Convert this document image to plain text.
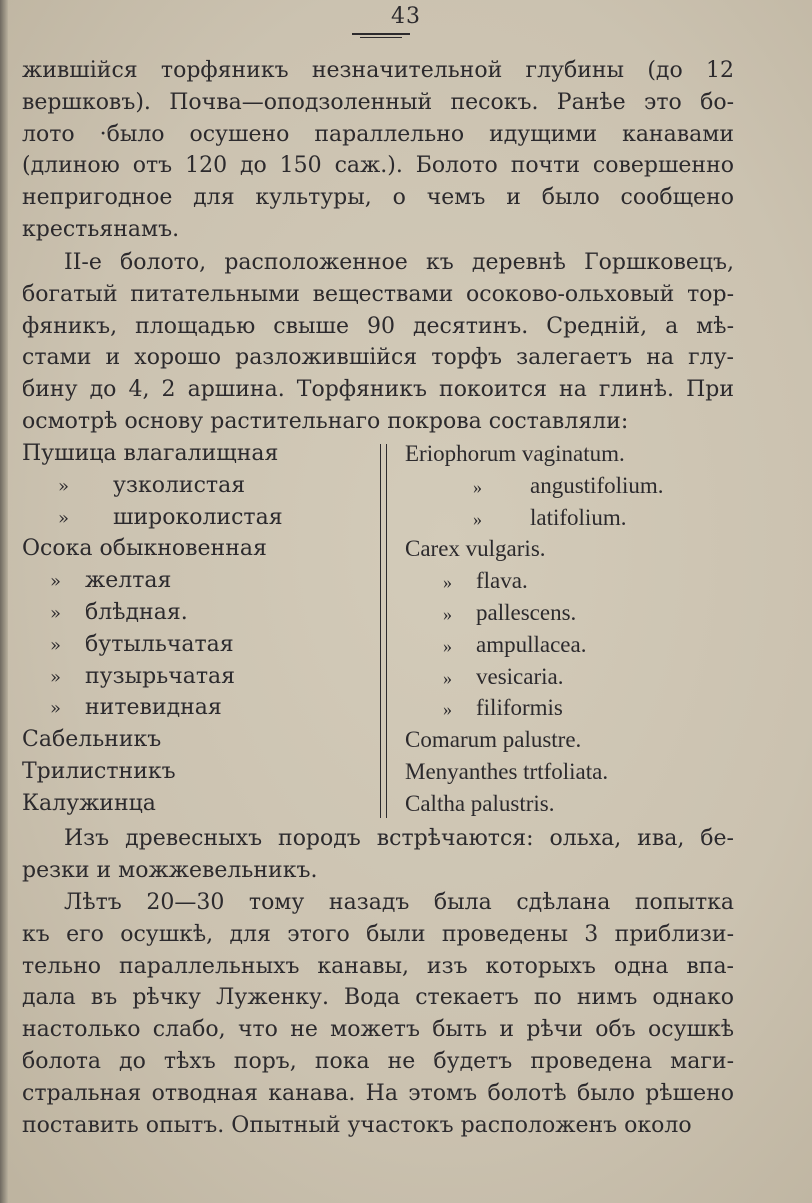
43
жившійся торфяникъ незначительной глубины (до 12
вершковъ). Почва—оподзоленный песокъ. Ранѣе это бо-
лото ·было осушено параллельно идущими канавами
(длиною отъ 120 до 150 саж.). Болото почти совершенно
непригодное для культуры, о чемъ и было сообщено
крестьянамъ.
II-е болото, расположенное къ деревнѣ Горшковецъ,
богатый питательными веществами осоково-ольховый тор-
фяникъ, площадью свыше 90 десятинъ. Среднiй, а мѣ-
стами и хорошо разложившійся торфъ залегаетъ на глу-
бину до 4, 2 аршина. Торфяникъ покоится на глинѣ. При
осмотрѣ основу растительнаго покрова составляли:
Пушица влагалищная
» узколистая
» широколистая
Осока обыкновенная
» желтая
» блѣдная.
» бутыльчатая
» пузырьчатая
» нитевидная
Сабельникъ
Трилистникъ
Калужинца
Eriophorum vaginatum.
» angustifolium.
» latifolium.
Carex vulgaris.
» flava.
» pallescens.
» ampullacea.
» vesicaria.
» filiformis
Comarum palustre.
Menyanthes trtfoliata.
Caltha palustris.
Изъ древесныхъ породъ встрѣчаются: ольха, ива, бе-
резки и можжевельникъ.
Лѣтъ 20—30 тому назадъ была сдѣлана попытка
къ его осушкѣ, для этого были проведены 3 приблизи-
тельно параллельныхъ канавы, изъ которыхъ одна впа-
дала въ рѣчку Луженку. Вода стекаетъ по нимъ однако
настолько слабо, что не можетъ быть и рѣчи объ осушкѣ
болота до тѣхъ поръ, пока не будетъ проведена маги-
стральная отводная канава. На этомъ болотѣ было рѣшено
поставить опытъ. Опытный участокъ расположенъ около
